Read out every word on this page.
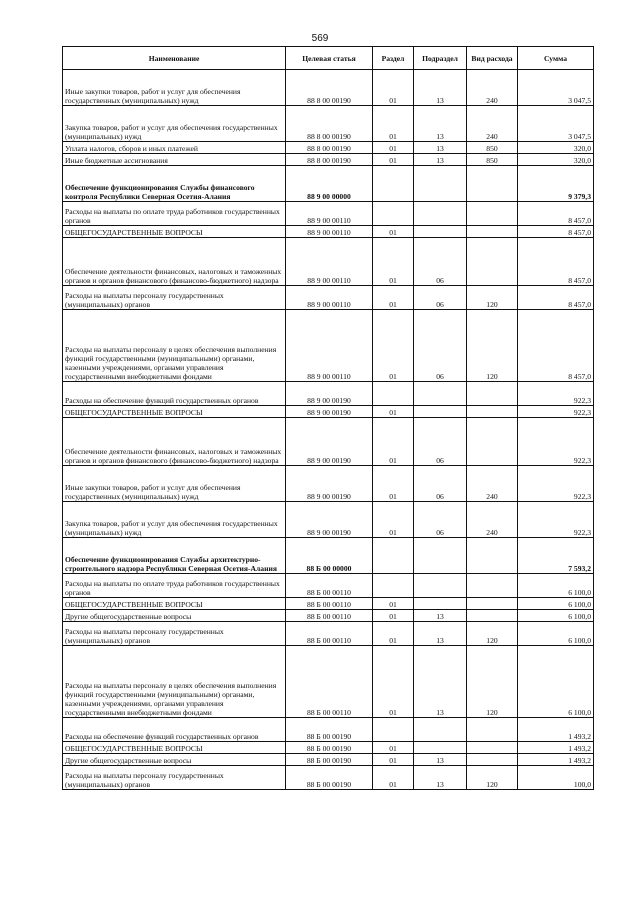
569
Наименование	Целевая статья	Раздел	Подраздел	Вид расхода	Сумма
Иные закупки товаров, работ и услуг для обеспечения государственных (муниципальных) нужд	88 8 00 00190	01	13	240	3 047,5
Закупка товаров, работ и услуг для обеспечения государственных (муниципальных) нужд	88 8 00 00190	01	13	240	3 047,5
Уплата налогов, сборов и иных платежей	88 8 00 00190	01	13	850	320,0
Иные бюджетные ассигнования	88 8 00 00190	01	13	850	320,0
Обеспечение функционирования Службы финансового контроля Республики Северная Осетия-Алания	88 9 00 00000				9 379,3
Расходы на выплаты по оплате труда работников государственных органов	88 9 00 00110				8 457,0
ОБЩЕГОСУДАРСТВЕННЫЕ ВОПРОСЫ	88 9 00 00110	01			8 457,0
Обеспечение деятельности финансовых, налоговых и таможенных органов и органов финансового (финансово-бюджетного) надзора	88 9 00 00110	01	06		8 457,0
Расходы на выплаты персоналу государственных (муниципальных) органов	88 9 00 00110	01	06	120	8 457,0
Расходы на выплаты персоналу в целях обеспечения выполнения функций государственными (муниципальными) органами, казенными учреждениями, органами управления государственными внебюджетными фондами	88 9 00 00110	01	06	120	8 457,0
Расходы на обеспечение функций государственных органов	88 9 00 00190				922,3
ОБЩЕГОСУДАРСТВЕННЫЕ ВОПРОСЫ	88 9 00 00190	01			922,3
Обеспечение деятельности финансовых, налоговых и таможенных органов и органов финансового (финансово-бюджетного) надзора	88 9 00 00190	01	06		922,3
Иные закупки товаров, работ и услуг для обеспечения государственных (муниципальных) нужд	88 9 00 00190	01	06	240	922,3
Закупка товаров, работ и услуг для обеспечения государственных (муниципальных) нужд	88 9 00 00190	01	06	240	922,3
Обеспечение функционирования Службы архитектурно-строительного надзора Республики Северная Осетия-Алания	88 Б 00 00000				7 593,2
Расходы на выплаты по оплате труда работников государственных органов	88 Б 00 00110				6 100,0
ОБЩЕГОСУДАРСТВЕННЫЕ ВОПРОСЫ	88 Б 00 00110	01			6 100,0
Другие общегосударственные вопросы	88 Б 00 00110	01	13		6 100,0
Расходы на выплаты персоналу государственных (муниципальных) органов	88 Б 00 00110	01	13	120	6 100,0
Расходы на выплаты персоналу в целях обеспечения выполнения функций государственными (муниципальными) органами, казенными учреждениями, органами управления государственными внебюджетными фондами	88 Б 00 00110	01	13	120	6 100,0
Расходы на обеспечение функций государственных органов	88 Б 00 00190				1 493,2
ОБЩЕГОСУДАРСТВЕННЫЕ ВОПРОСЫ	88 Б 00 00190	01			1 493,2
Другие общегосударственные вопросы	88 Б 00 00190	01	13		1 493,2
Расходы на выплаты персоналу государственных (муниципальных) органов	88 Б 00 00190	01	13	120	100,0
